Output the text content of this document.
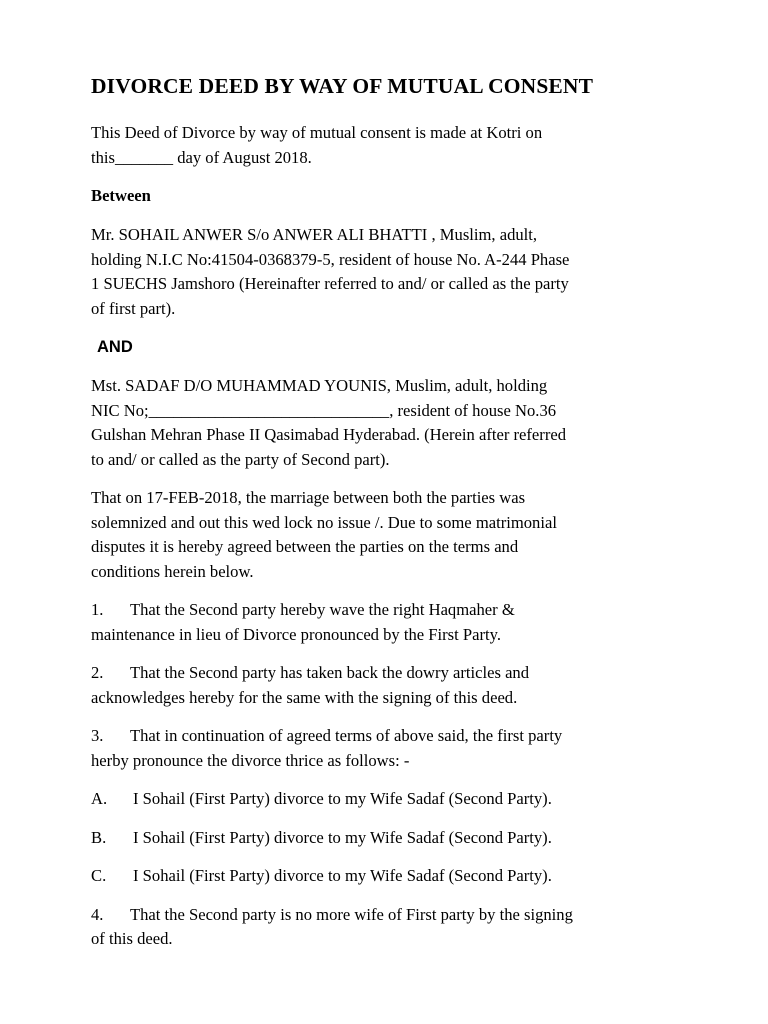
DIVORCE DEED BY WAY OF MUTUAL CONSENT

This Deed of Divorce by way of mutual consent is made at Kotri on
this_______ day of August 2018.

Between

Mr. SOHAIL ANWER S/o ANWER ALI BHATTI , Muslim, adult,
holding N.I.C No:41504-0368379-5, resident of house No. A-244 Phase
1 SUECHS Jamshoro (Hereinafter referred to and/ or called as the party
of first part).

AND

Mst. SADAF D/O MUHAMMAD YOUNIS, Muslim, adult, holding
NIC No;_____________________________, resident of house No.36
Gulshan Mehran Phase II Qasimabad Hyderabad. (Herein after referred
to and/ or called as the party of Second part).

That on 17-FEB-2018, the marriage between both the parties was
solemnized and out this wed lock no issue /. Due to some matrimonial
disputes it is hereby agreed between the parties on the terms and
conditions herein below.

1. That the Second party hereby wave the right Haqmaher &
maintenance in lieu of Divorce pronounced by the First Party.

2. That the Second party has taken back the dowry articles and
acknowledges hereby for the same with the signing of this deed.

3. That in continuation of agreed terms of above said, the first party
herby pronounce the divorce thrice as follows: -

A. I Sohail (First Party) divorce to my Wife Sadaf (Second Party).

B. I Sohail (First Party) divorce to my Wife Sadaf (Second Party).

C. I Sohail (First Party) divorce to my Wife Sadaf (Second Party).

4. That the Second party is no more wife of First party by the signing
of this deed.
